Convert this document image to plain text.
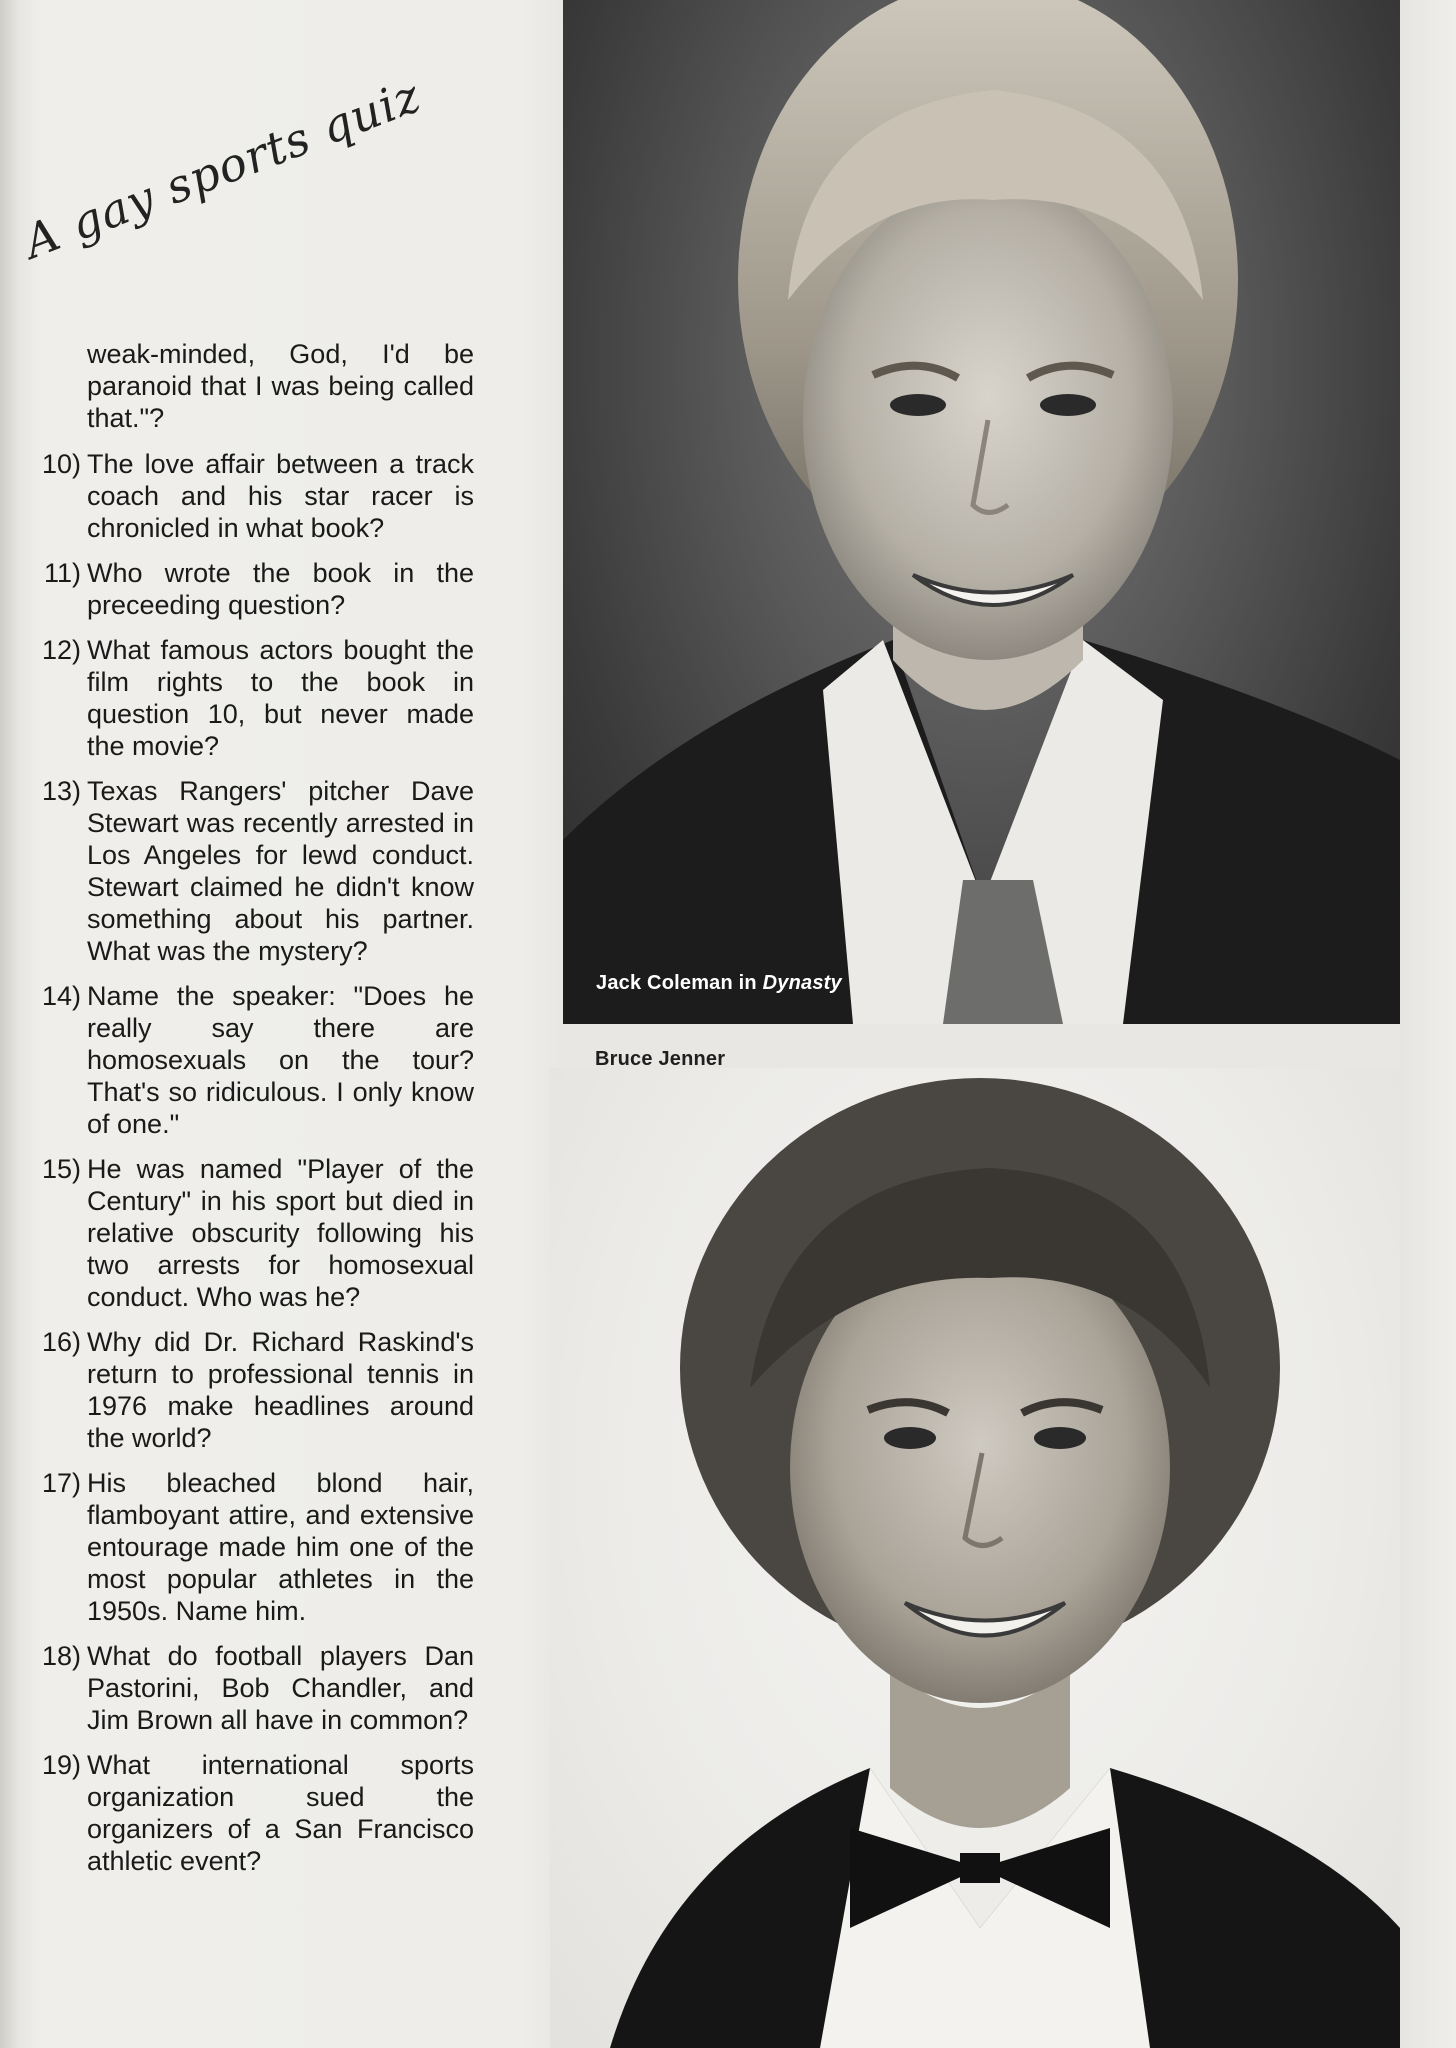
A gay sports quiz
weak-minded, God, I'd be paranoid that I was being called that."?
10) The love affair between a track coach and his star racer is chronicled in what book?
11) Who wrote the book in the preceeding question?
12) What famous actors bought the film rights to the book in question 10, but never made the movie?
13) Texas Rangers' pitcher Dave Stewart was recently arrested in Los Angeles for lewd conduct. Stewart claimed he didn't know something about his partner. What was the mystery?
14) Name the speaker: "Does he really say there are homosexuals on the tour? That's so ridiculous. I only know of one."
15) He was named "Player of the Century" in his sport but died in relative obscurity following his two arrests for homosexual conduct. Who was he?
16) Why did Dr. Richard Raskind's return to professional tennis in 1976 make headlines around the world?
17) His bleached blond hair, flamboyant attire, and extensive entourage made him one of the most popular athletes in the 1950s. Name him.
18) What do football players Dan Pastorini, Bob Chandler, and Jim Brown all have in common?
19) What international sports organization sued the organizers of a San Francisco athletic event?
Jack Coleman in Dynasty
Bruce Jenner
